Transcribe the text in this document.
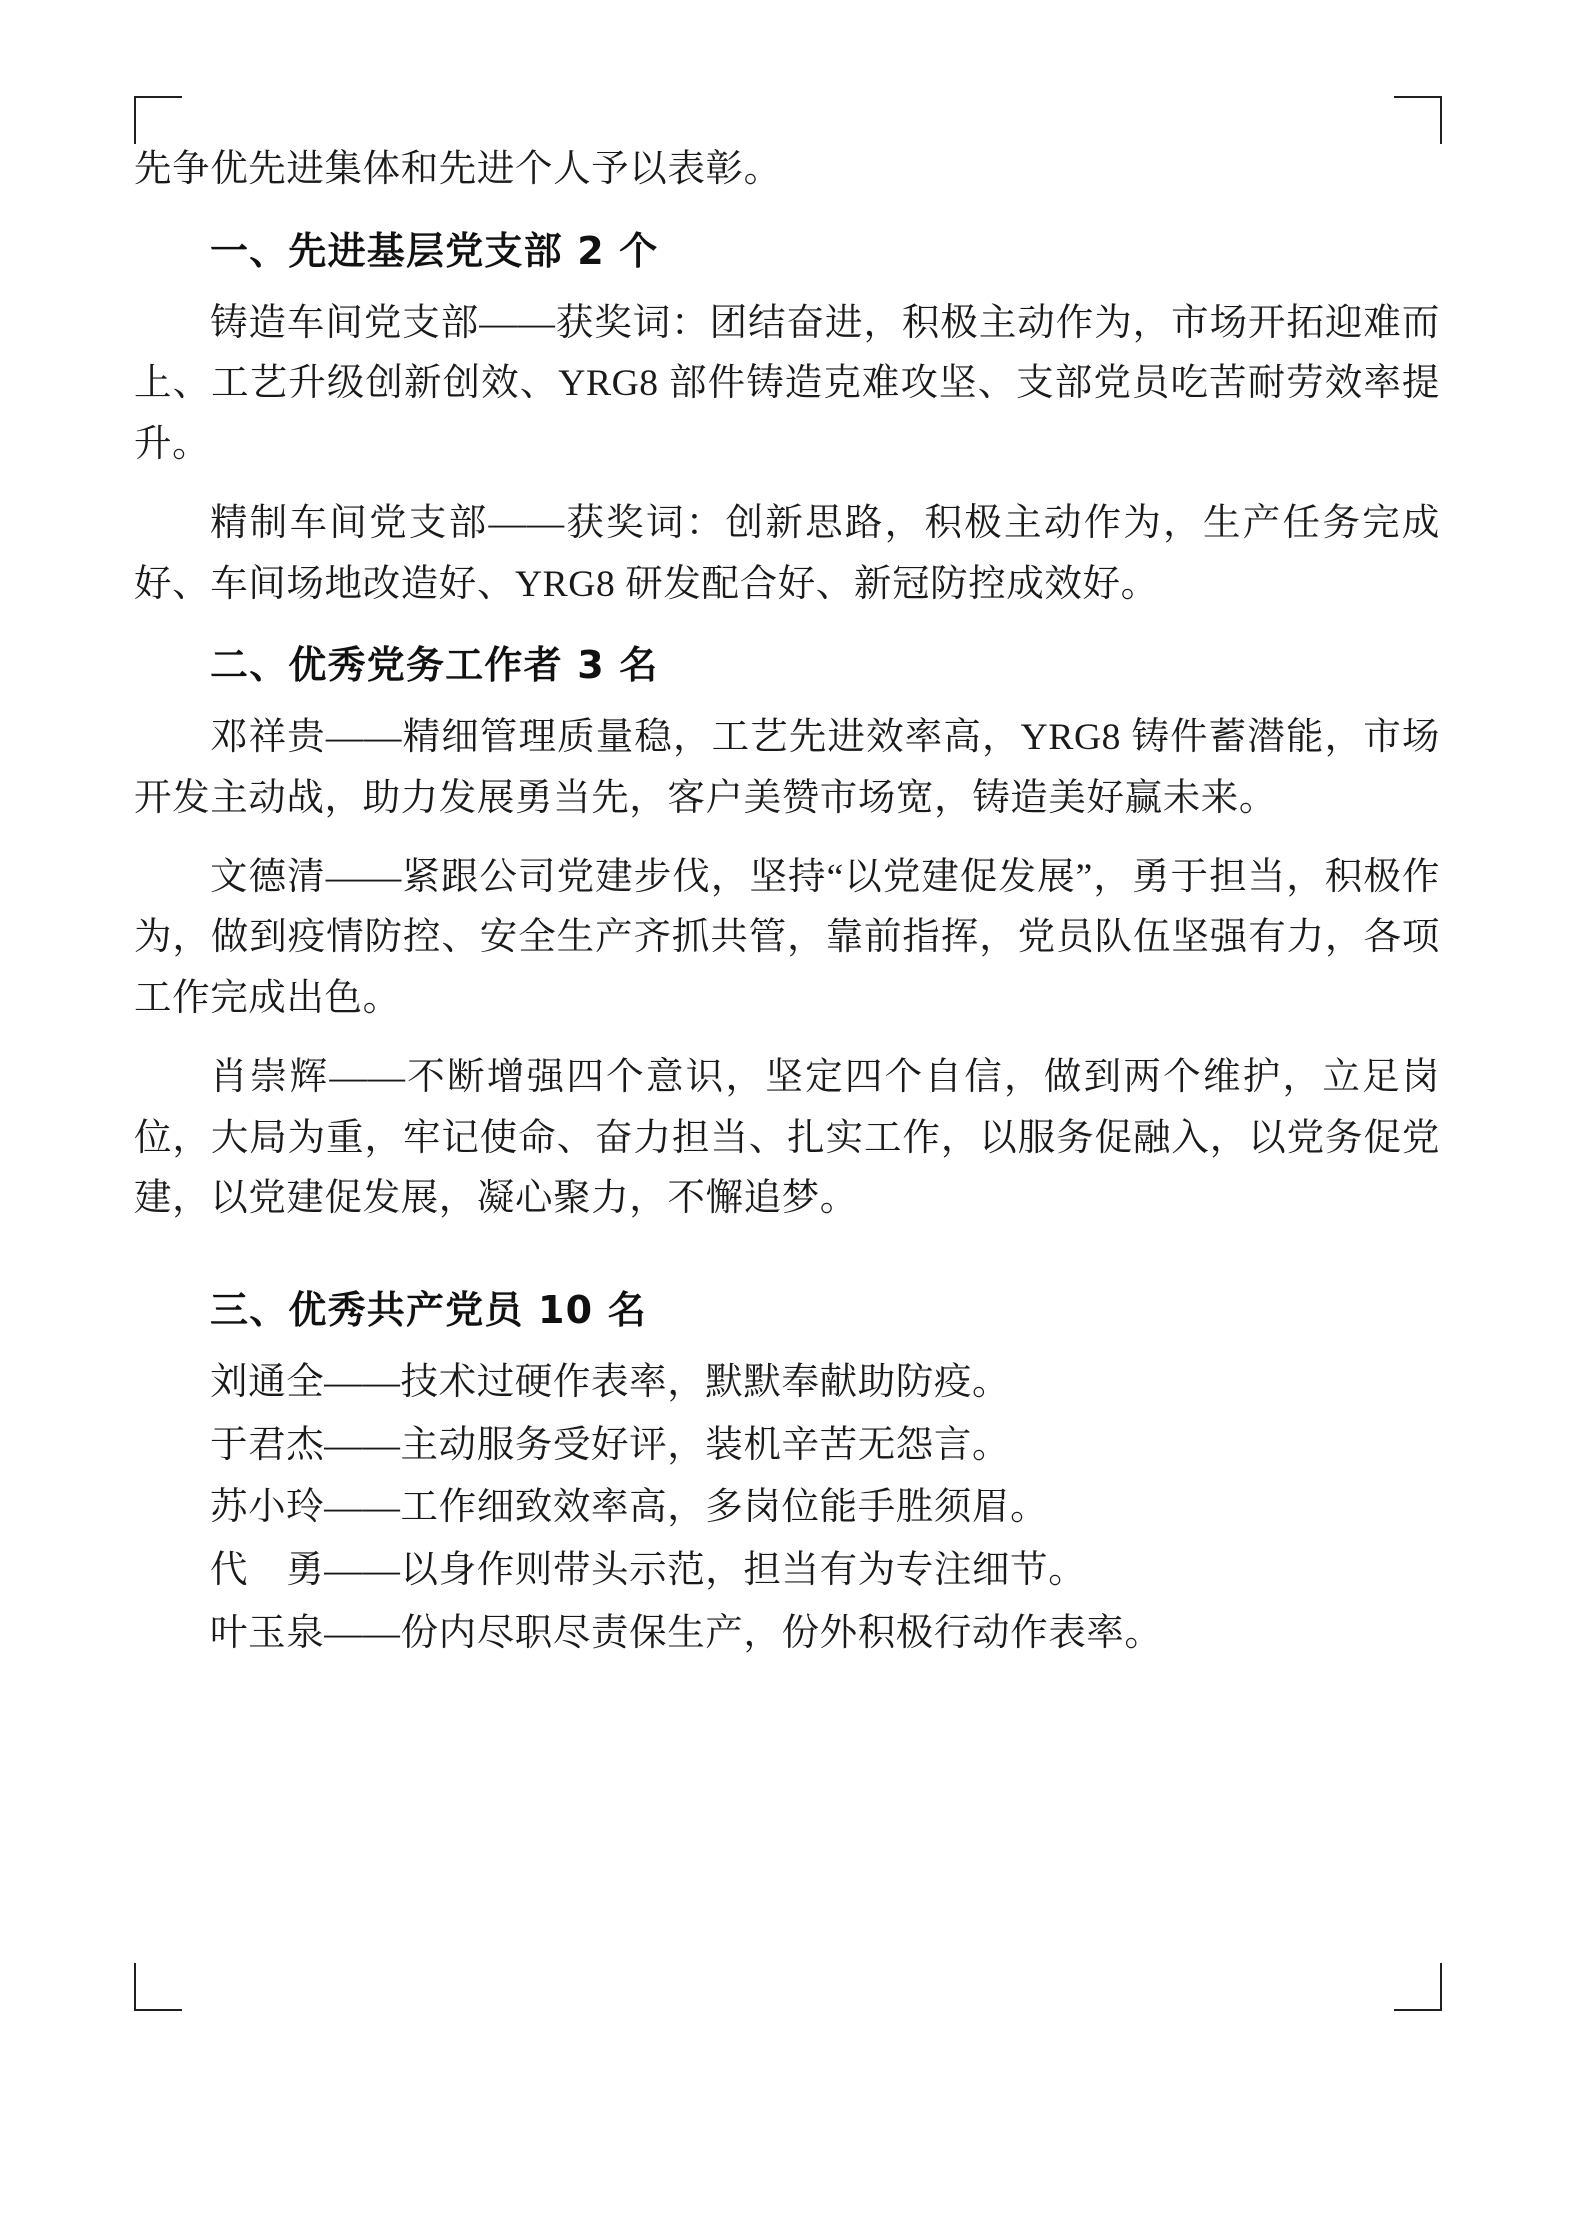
先争优先进集体和先进个人予以表彰。

一、先进基层党支部 2 个

铸造车间党支部——获奖词：团结奋进，积极主动作为，市场开拓迎难而上、工艺升级创新创效、YRG8 部件铸造克难攻坚、支部党员吃苦耐劳效率提升。

精制车间党支部——获奖词：创新思路，积极主动作为，生产任务完成好、车间场地改造好、YRG8 研发配合好、新冠防控成效好。

二、优秀党务工作者 3 名

邓祥贵——精细管理质量稳，工艺先进效率高，YRG8 铸件蓄潜能，市场开发主动战，助力发展勇当先，客户美赞市场宽，铸造美好赢未来。

文德清——紧跟公司党建步伐，坚持“以党建促发展”，勇于担当，积极作为，做到疫情防控、安全生产齐抓共管，靠前指挥，党员队伍坚强有力，各项工作完成出色。

肖崇辉——不断增强四个意识，坚定四个自信，做到两个维护，立足岗位，大局为重，牢记使命、奋力担当、扎实工作，以服务促融入，以党务促党建，以党建促发展，凝心聚力，不懈追梦。

三、优秀共产党员 10 名

刘通全——技术过硬作表率，默默奉献助防疫。

于君杰——主动服务受好评，装机辛苦无怨言。

苏小玲——工作细致效率高，多岗位能手胜须眉。

代　勇——以身作则带头示范，担当有为专注细节。

叶玉泉——份内尽职尽责保生产，份外积极行动作表率。
